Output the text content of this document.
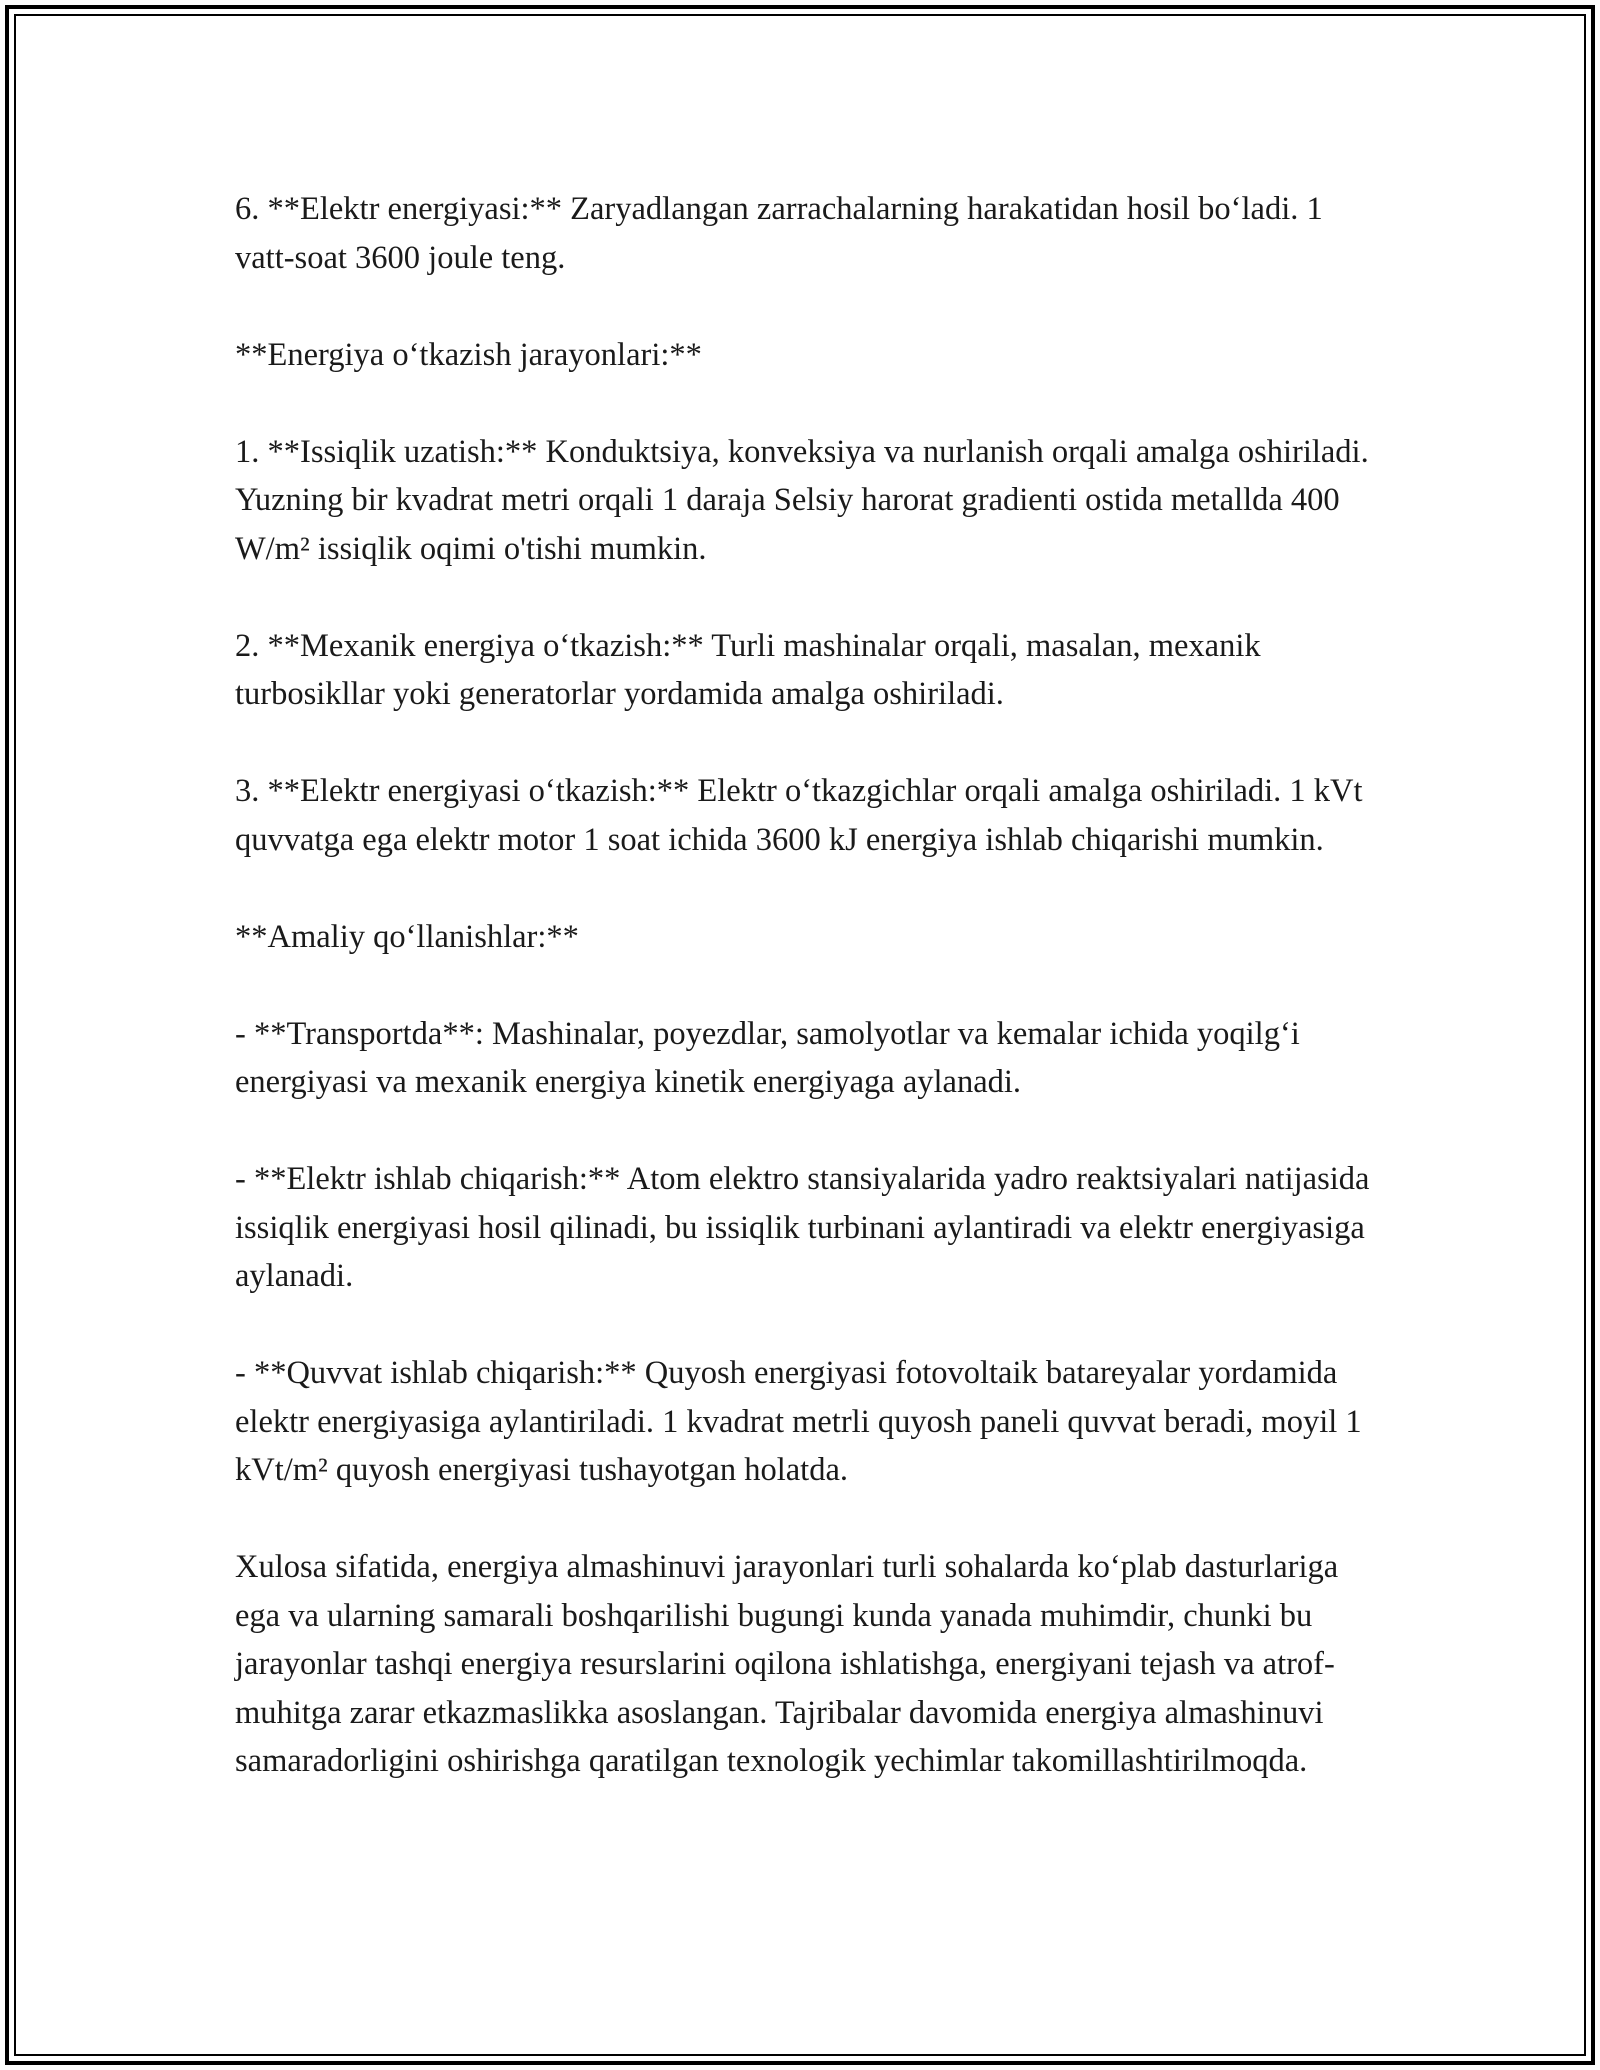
6. **Elektr energiyasi:** Zaryadlangan zarrachalarning harakatidan hosil bo‘ladi. 1 vatt-soat 3600 joule teng.

**Energiya o‘tkazish jarayonlari:**

1. **Issiqlik uzatish:** Konduktsiya, konveksiya va nurlanish orqali amalga oshiriladi. Yuzning bir kvadrat metri orqali 1 daraja Selsiy harorat gradienti ostida metallda 400 W/m² issiqlik oqimi o'tishi mumkin.

2. **Mexanik energiya o‘tkazish:** Turli mashinalar orqali, masalan, mexanik turbosikllar yoki generatorlar yordamida amalga oshiriladi.

3. **Elektr energiyasi o‘tkazish:** Elektr o‘tkazgichlar orqali amalga oshiriladi. 1 kVt quvvatga ega elektr motor 1 soat ichida 3600 kJ energiya ishlab chiqarishi mumkin.

**Amaliy qo‘llanishlar:**

- **Transportda**: Mashinalar, poyezdlar, samolyotlar va kemalar ichida yoqilg‘i energiyasi va mexanik energiya kinetik energiyaga aylanadi.

- **Elektr ishlab chiqarish:** Atom elektro stansiyalarida yadro reaktsiyalari natijasida issiqlik energiyasi hosil qilinadi, bu issiqlik turbinani aylantiradi va elektr energiyasiga aylanadi.

- **Quvvat ishlab chiqarish:** Quyosh energiyasi fotovoltaik batareyalar yordamida elektr energiyasiga aylantiriladi. 1 kvadrat metrli quyosh paneli quvvat beradi, moyil 1 kVt/m² quyosh energiyasi tushayotgan holatda.

Xulosa sifatida, energiya almashinuvi jarayonlari turli sohalarda ko‘plab dasturlariga ega va ularning samarali boshqarilishi bugungi kunda yanada muhimdir, chunki bu jarayonlar tashqi energiya resurslarini oqilona ishlatishga, energiyani tejash va atrof-muhitga zarar etkazmaslikka asoslangan. Tajribalar davomida energiya almashinuvi samaradorligini oshirishga qaratilgan texnologik yechimlar takomillashtirilmoqda.
